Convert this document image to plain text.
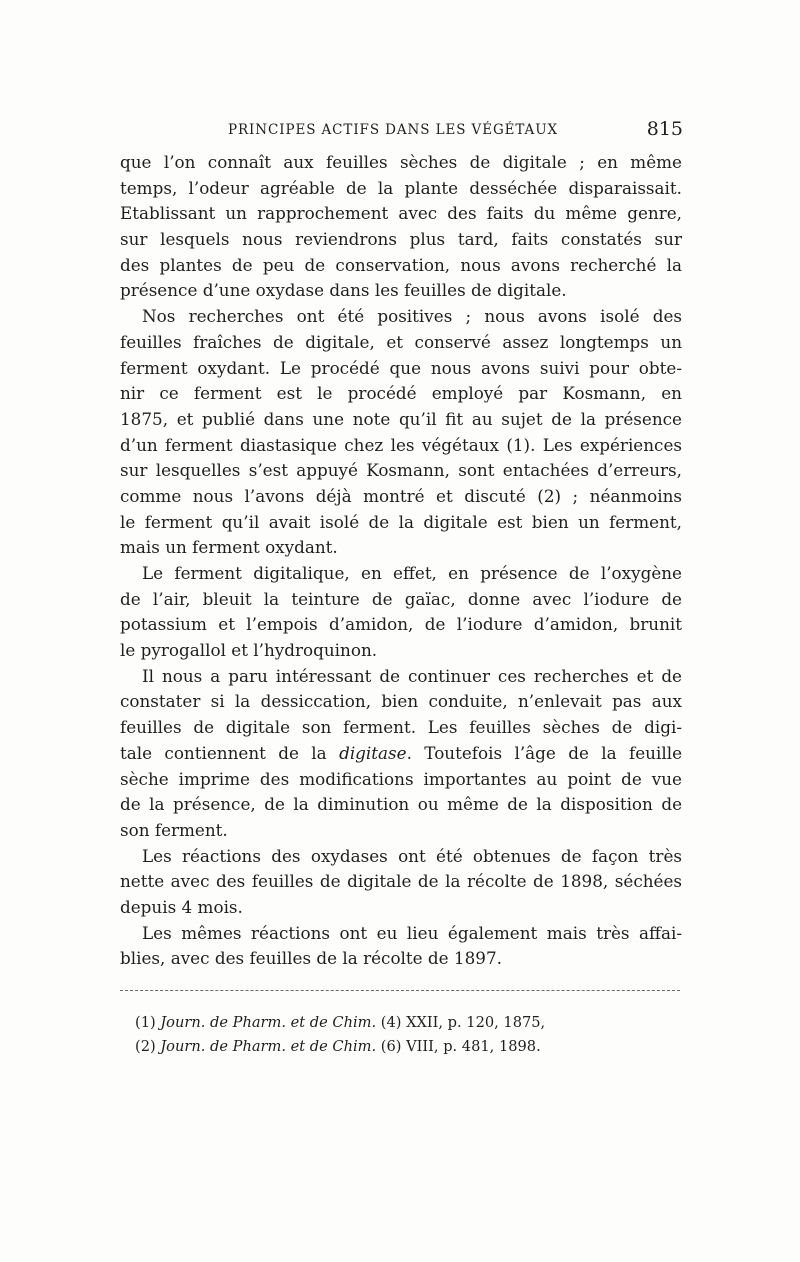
PRINCIPES ACTIFS DANS LES VÉGÉTAUX	815
que l’on connaît aux feuilles sèches de digitale ; en même
temps, l’odeur agréable de la plante desséchée disparaissait.
Etablissant un rapprochement avec des faits du même genre,
sur lesquels nous reviendrons plus tard, faits constatés sur
des plantes de peu de conservation, nous avons recherché la
présence d’une oxydase dans les feuilles de digitale.
Nos recherches ont été positives ; nous avons isolé des
feuilles fraîches de digitale, et conservé assez longtemps un
ferment oxydant. Le procédé que nous avons suivi pour obte-
nir ce ferment est le procédé employé par Kosmann, en
1875, et publié dans une note qu’il fit au sujet de la présence
d’un ferment diastasique chez les végétaux (1). Les expériences
sur lesquelles s’est appuyé Kosmann, sont entachées d’erreurs,
comme nous l’avons déjà montré et discuté (2) ; néanmoins
le ferment qu’il avait isolé de la digitale est bien un ferment,
mais un ferment oxydant.
Le ferment digitalique, en effet, en présence de l’oxygène
de l’air, bleuit la teinture de gaïac, donne avec l’iodure de
potassium et l’empois d’amidon, de l’iodure d’amidon, brunit
le pyrogallol et l’hydroquinon.
Il nous a paru intéressant de continuer ces recherches et de
constater si la dessiccation, bien conduite, n’enlevait pas aux
feuilles de digitale son ferment. Les feuilles sèches de digi-
tale contiennent de la digitase. Toutefois l’âge de la feuille
sèche imprime des modifications importantes au point de vue
de la présence, de la diminution ou même de la disposition de
son ferment.
Les réactions des oxydases ont été obtenues de façon très
nette avec des feuilles de digitale de la récolte de 1898, séchées
depuis 4 mois.
Les mêmes réactions ont eu lieu également mais très affai-
blies, avec des feuilles de la récolte de 1897.
(1) Journ. de Pharm. et de Chim. (4) XXII, p. 120, 1875,
(2) Journ. de Pharm. et de Chim. (6) VIII, p. 481, 1898.
